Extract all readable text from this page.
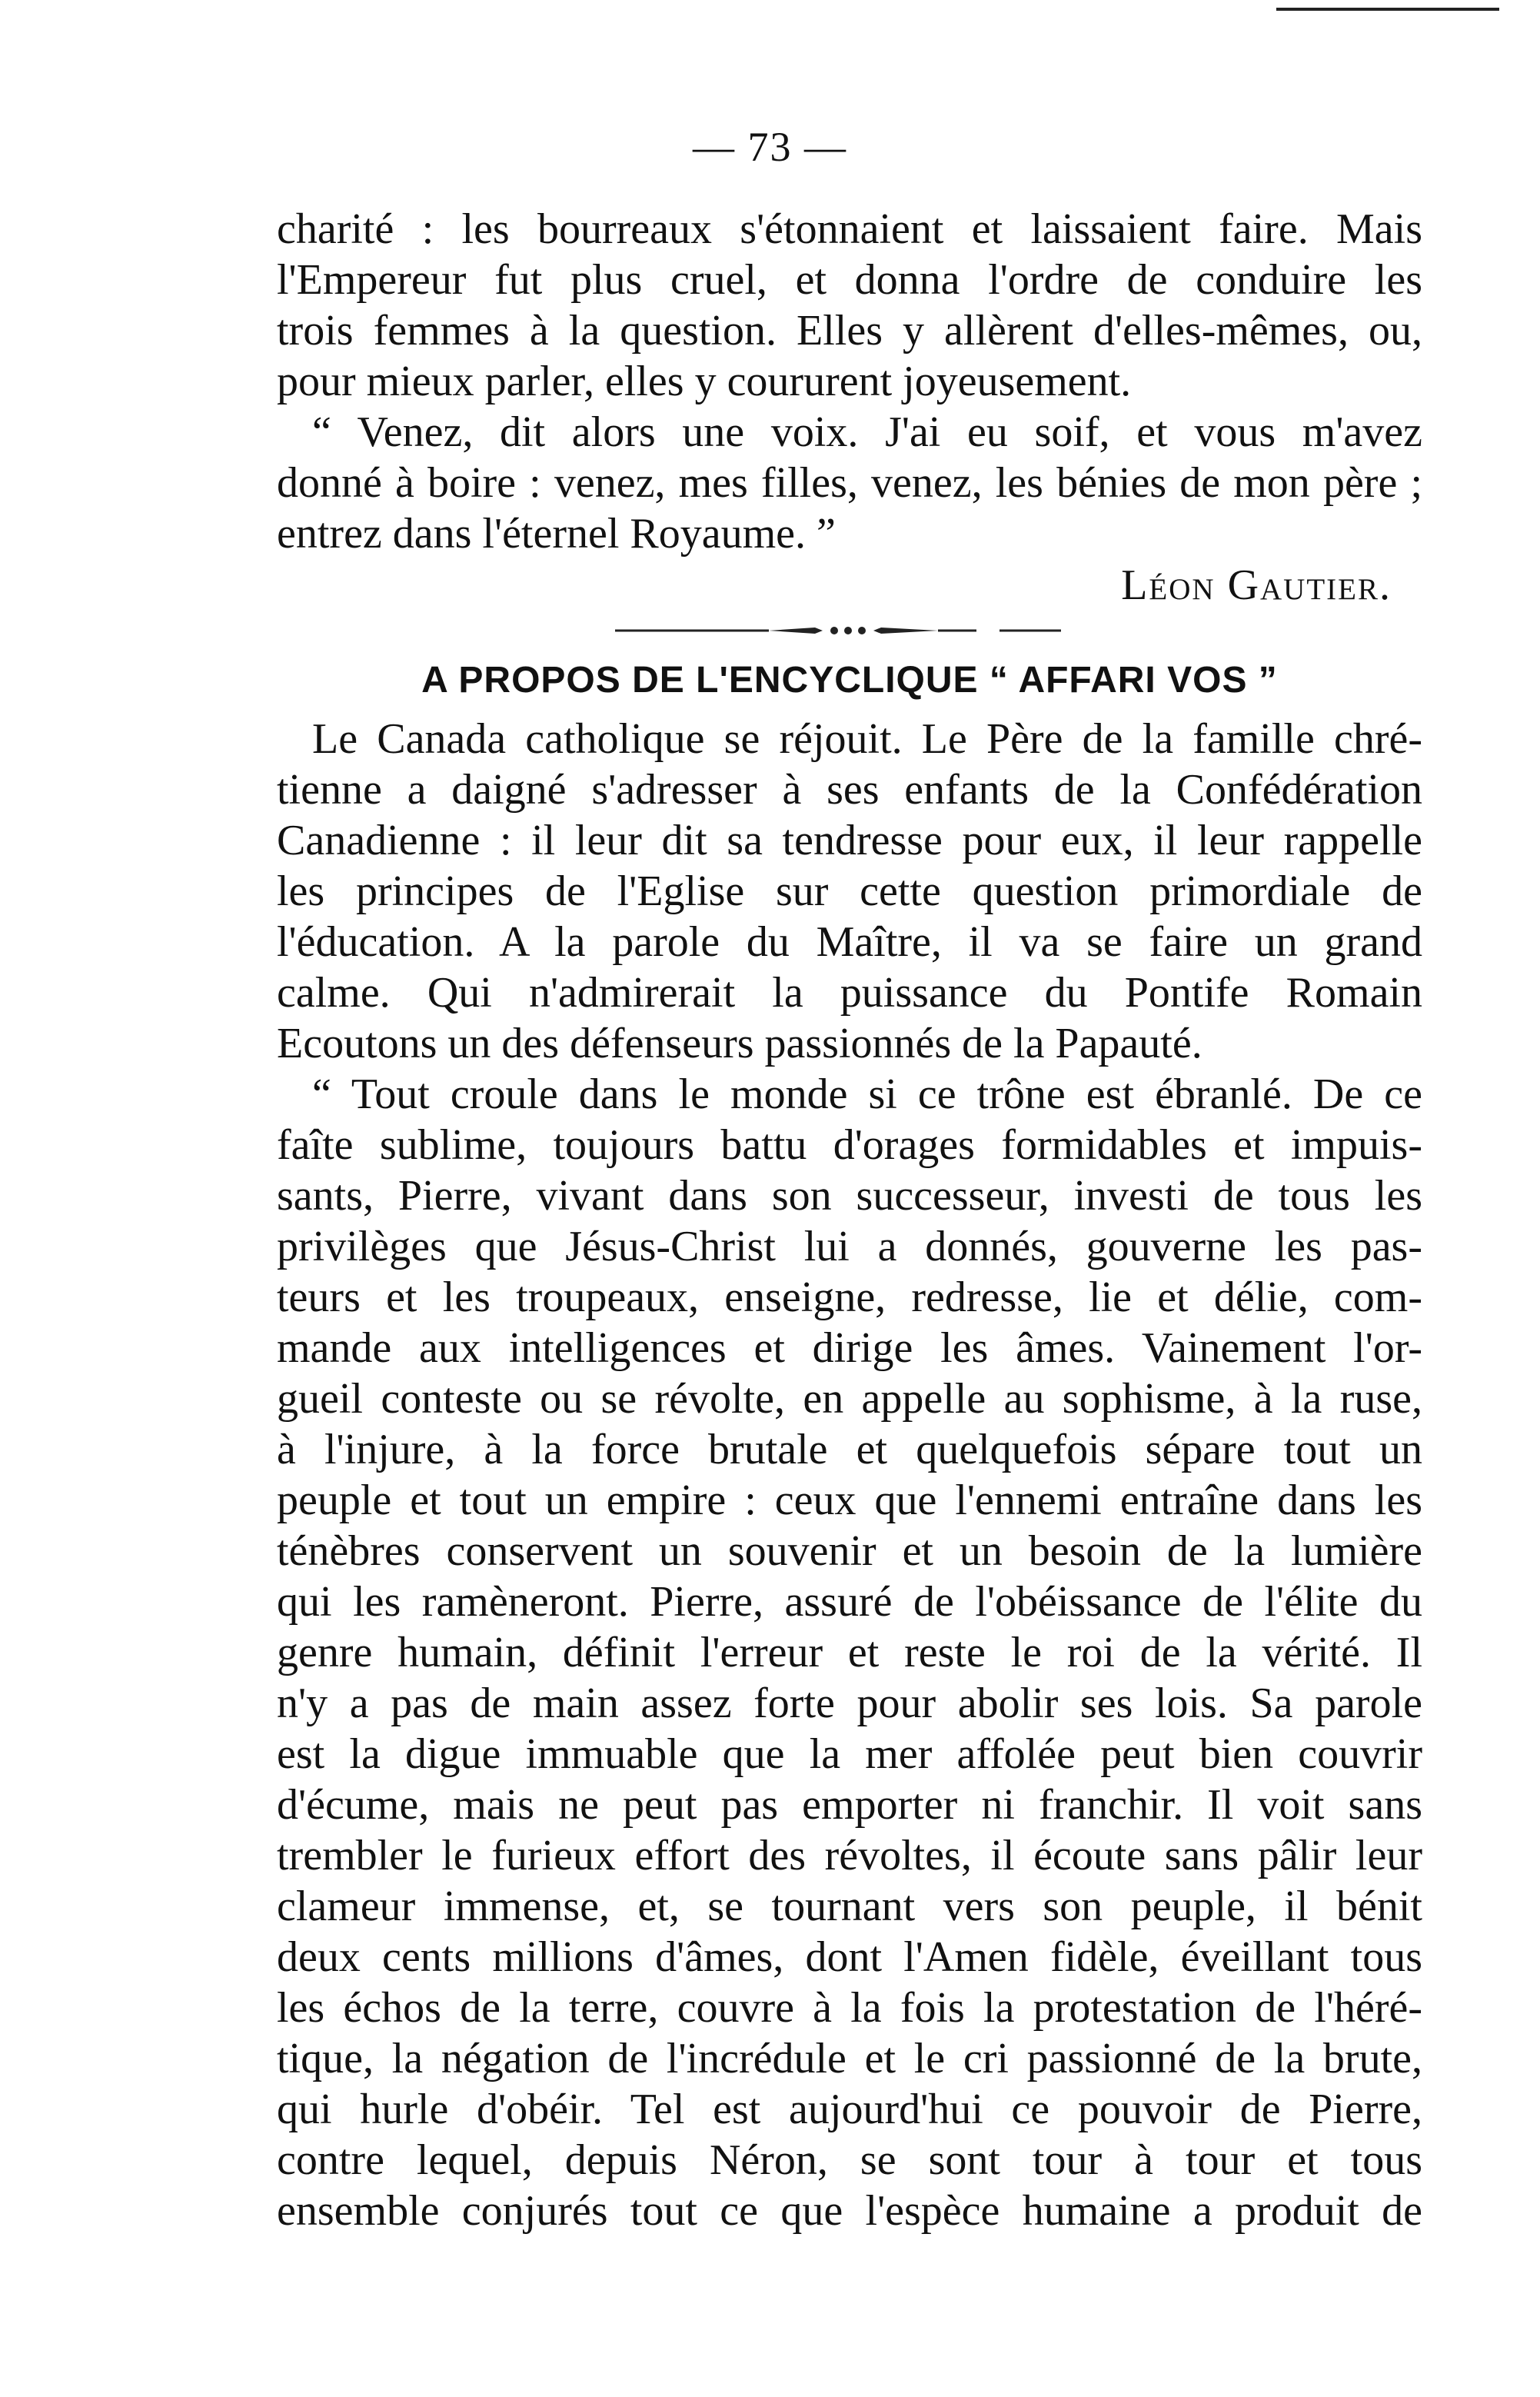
— 73 —
charité : les bourreaux s'étonnaient et laissaient faire. Mais
l'Empereur fut plus cruel, et donna l'ordre de conduire les
trois femmes à la question. Elles y allèrent d'elles-mêmes, ou,
pour mieux parler, elles y coururent joyeusement.
“ Venez, dit alors une voix. J'ai eu soif, et vous m'avez
donné à boire : venez, mes filles, venez, les bénies de mon père ;
entrez dans l'éternel Royaume. ”
Léon Gautier.
A PROPOS DE L'ENCYCLIQUE “ AFFARI VOS ”
Le Canada catholique se réjouit. Le Père de la famille chré-
tienne a daigné s'adresser à ses enfants de la Confédération
Canadienne : il leur dit sa tendresse pour eux, il leur rappelle
les principes de l'Eglise sur cette question primordiale de
l'éducation. A la parole du Maître, il va se faire un grand
calme. Qui n'admirerait la puissance du Pontife Romain
Ecoutons un des défenseurs passionnés de la Papauté.
“ Tout croule dans le monde si ce trône est ébranlé. De ce
faîte sublime, toujours battu d'orages formidables et impuis-
sants, Pierre, vivant dans son successeur, investi de tous les
privilèges que Jésus-Christ lui a donnés, gouverne les pas-
teurs et les troupeaux, enseigne, redresse, lie et délie, com-
mande aux intelligences et dirige les âmes. Vainement l'or-
gueil conteste ou se révolte, en appelle au sophisme, à la ruse,
à l'injure, à la force brutale et quelquefois sépare tout un
peuple et tout un empire : ceux que l'ennemi entraîne dans les
ténèbres conservent un souvenir et un besoin de la lumière
qui les ramèneront. Pierre, assuré de l'obéissance de l'élite du
genre humain, définit l'erreur et reste le roi de la vérité. Il
n'y a pas de main assez forte pour abolir ses lois. Sa parole
est la digue immuable que la mer affolée peut bien couvrir
d'écume, mais ne peut pas emporter ni franchir. Il voit sans
trembler le furieux effort des révoltes, il écoute sans pâlir leur
clameur immense, et, se tournant vers son peuple, il bénit
deux cents millions d'âmes, dont l'Amen fidèle, éveillant tous
les échos de la terre, couvre à la fois la protestation de l'héré-
tique, la négation de l'incrédule et le cri passionné de la brute,
qui hurle d'obéir. Tel est aujourd'hui ce pouvoir de Pierre,
contre lequel, depuis Néron, se sont tour à tour et tous
ensemble conjurés tout ce que l'espèce humaine a produit de
